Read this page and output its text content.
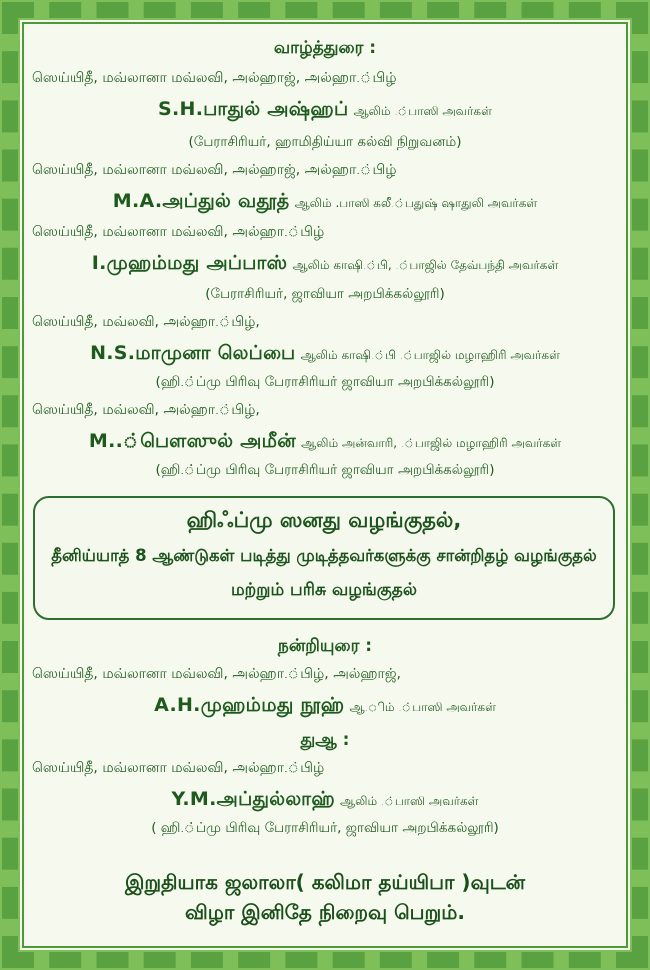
வாழ்த்துரை :
ஸெய்யிதீ, மவ்லானா மவ்லவி, அல்ஹாஜ், அல்ஹா.்பிழ்
S.H.பாதுல் அஷ்ஹப் ஆலிம் .்பாஸி அவர்கள்
(பேராசிரியர், ஹாமிதிய்யா கல்வி நிறுவனம்)
ஸெய்யிதீ, மவ்லானா மவ்லவி, அல்ஹாஜ், அல்ஹா.்பிழ்
M.A.அப்துல் வதூத் ஆலிம் .பாஸி கலீ.்பதுஷ் ஷாதுலி அவர்கள்
ஸெய்யிதீ, மவ்லானா மவ்லவி, அல்ஹா.்பிழ்
I.முஹம்மது அப்பாஸ் ஆலிம் காஷி.்பி, .்பாஜில் தேவ்பந்தி அவர்கள்
(பேராசிரியர், ஜாவியா அறபிக்கல்லூரி)
ஸெய்யிதீ, மவ்லவி, அல்ஹா.்பிழ்,
N.S.மாமுனா லெப்பை ஆலிம் காஷி.்பி .்பாஜில் மழாஹிரி அவர்கள்
(ஹி.்ப்மு பிரிவு பேராசிரியர் ஜாவியா அறபிக்கல்லூரி)
ஸெய்யிதீ, மவ்லவி, அல்ஹா.்பிழ்,
M..்பௌஸுல் அமீன் ஆலிம் அன்வாரி, .்பாஜில் மழாஹிரி அவர்கள்
(ஹி.்ப்மு பிரிவு பேராசிரியர் ஜாவியா அறபிக்கல்லூரி)
ஹிஃப்மு ஸனது வழங்குதல்,
தீனிய்யாத் 8 ஆண்டுகள் படித்து முடித்தவர்களுக்கு சான்றிதழ் வழங்குதல்
மற்றும் பரிசு வழங்குதல்
நன்றியுரை :
ஸெய்யிதீ, மவ்லானா மவ்லவி, அல்ஹா.்பிழ், அல்ஹாஜ்,
A.H.முஹம்மது நூஹ் ஆ.ிம் .்பாஸி அவர்கள்
துஆ :
ஸெய்யிதீ, மவ்லானா மவ்லவி, அல்ஹா.்பிழ்
Y.M.அப்துல்லாஹ் ஆலிம் .்பாஸி அவர்கள்
( ஹி.்ப்மு பிரிவு பேராசிரியர், ஜாவியா அறபிக்கல்லூரி)
இறுதியாக ஜலாலா( கலிமா தய்யிபா )வுடன்
விழா இனிதே நிறைவு பெறும்.
